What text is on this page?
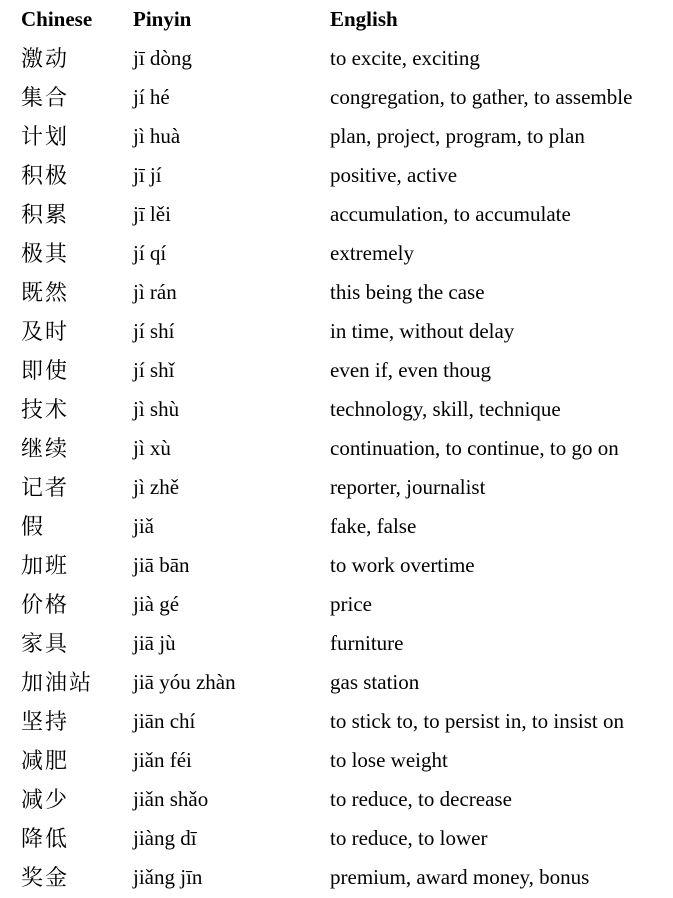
Chinese	Pinyin	English
激动	jī dòng	to excite, exciting
集合	jí hé	congregation, to gather, to assemble
计划	jì huà	plan, project, program, to plan
积极	jī jí	positive, active
积累	jī lěi	accumulation, to accumulate
极其	jí qí	extremely
既然	jì rán	this being the case
及时	jí shí	in time, without delay
即使	jí shǐ	even if, even thoug
技术	jì shù	technology, skill, technique
继续	jì xù	continuation, to continue, to go on
记者	jì zhě	reporter, journalist
假	jiǎ	fake, false
加班	jiā bān	to work overtime
价格	jià gé	price
家具	jiā jù	furniture
加油站	jiā yóu zhàn	gas station
坚持	jiān chí	to stick to, to persist in, to insist on
减肥	jiǎn féi	to lose weight
减少	jiǎn shǎo	to reduce, to decrease
降低	jiàng dī	to reduce, to lower
奖金	jiǎng jīn	premium, award money, bonus
